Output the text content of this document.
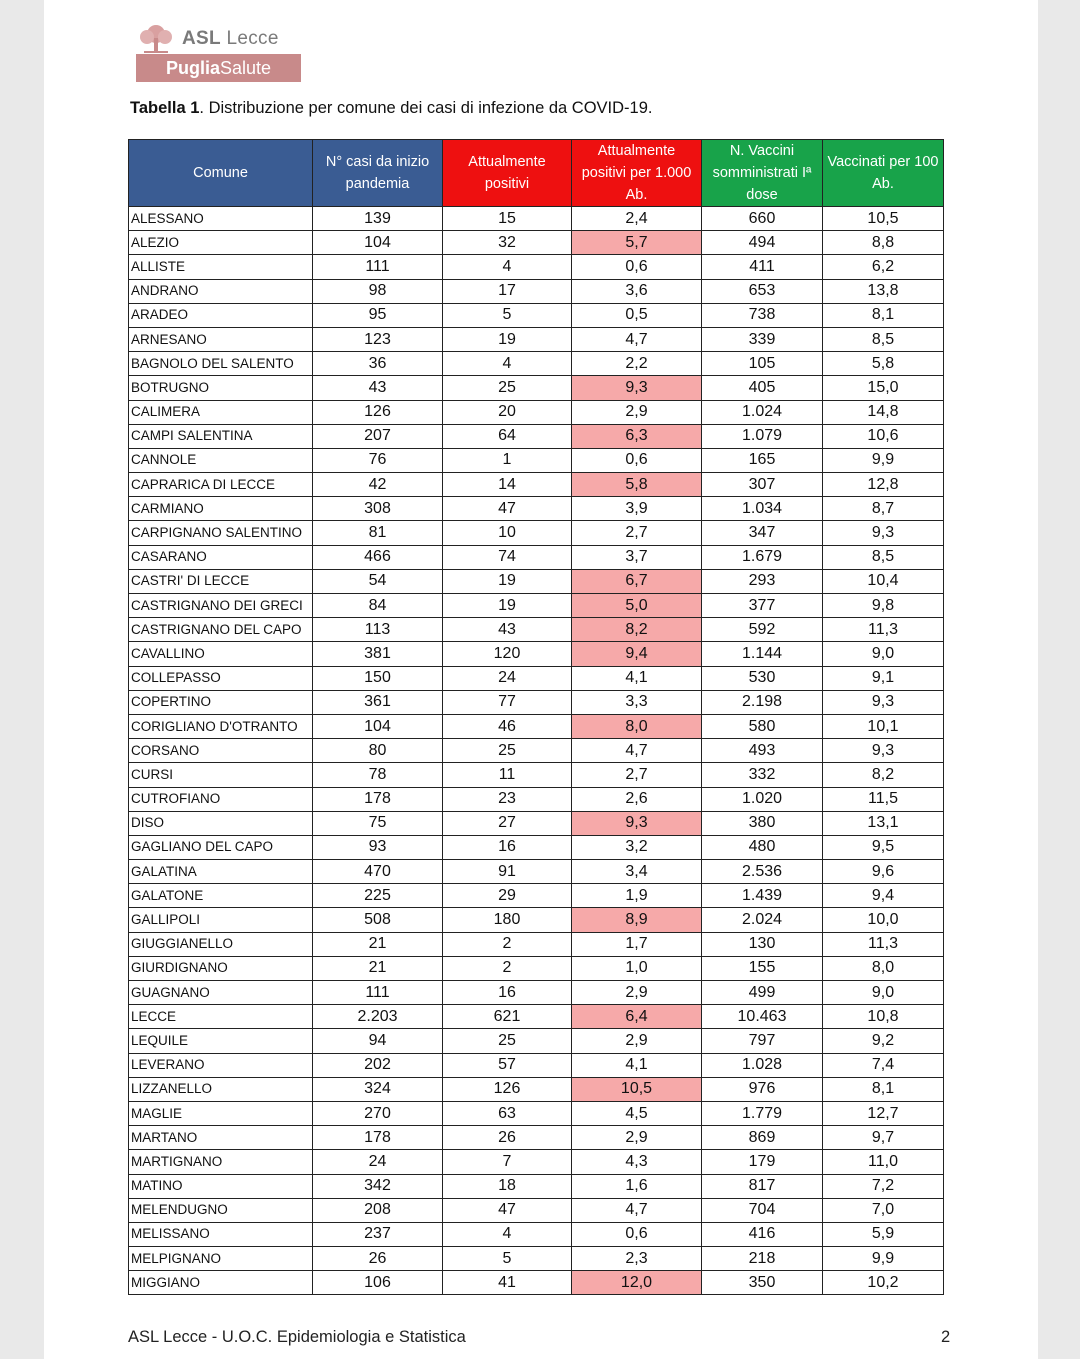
ASL Lecce
PugliaSalute
Tabella 1. Distribuzione per comune dei casi di infezione da COVID-19.
Comune	N° casi da inizio pandemia	Attualmente positivi	Attualmente positivi per 1.000 Ab.	N. Vaccini somministrati Iª dose	Vaccinati per 100 Ab.
ALESSANO	139	15	2,4	660	10,5
ALEZIO	104	32	5,7	494	8,8
ALLISTE	111	4	0,6	411	6,2
ANDRANO	98	17	3,6	653	13,8
ARADEO	95	5	0,5	738	8,1
ARNESANO	123	19	4,7	339	8,5
BAGNOLO DEL SALENTO	36	4	2,2	105	5,8
BOTRUGNO	43	25	9,3	405	15,0
CALIMERA	126	20	2,9	1.024	14,8
CAMPI SALENTINA	207	64	6,3	1.079	10,6
CANNOLE	76	1	0,6	165	9,9
CAPRARICA DI LECCE	42	14	5,8	307	12,8
CARMIANO	308	47	3,9	1.034	8,7
CARPIGNANO SALENTINO	81	10	2,7	347	9,3
CASARANO	466	74	3,7	1.679	8,5
CASTRI' DI LECCE	54	19	6,7	293	10,4
CASTRIGNANO DEI GRECI	84	19	5,0	377	9,8
CASTRIGNANO DEL CAPO	113	43	8,2	592	11,3
CAVALLINO	381	120	9,4	1.144	9,0
COLLEPASSO	150	24	4,1	530	9,1
COPERTINO	361	77	3,3	2.198	9,3
CORIGLIANO D'OTRANTO	104	46	8,0	580	10,1
CORSANO	80	25	4,7	493	9,3
CURSI	78	11	2,7	332	8,2
CUTROFIANO	178	23	2,6	1.020	11,5
DISO	75	27	9,3	380	13,1
GAGLIANO DEL CAPO	93	16	3,2	480	9,5
GALATINA	470	91	3,4	2.536	9,6
GALATONE	225	29	1,9	1.439	9,4
GALLIPOLI	508	180	8,9	2.024	10,0
GIUGGIANELLO	21	2	1,7	130	11,3
GIURDIGNANO	21	2	1,0	155	8,0
GUAGNANO	111	16	2,9	499	9,0
LECCE	2.203	621	6,4	10.463	10,8
LEQUILE	94	25	2,9	797	9,2
LEVERANO	202	57	4,1	1.028	7,4
LIZZANELLO	324	126	10,5	976	8,1
MAGLIE	270	63	4,5	1.779	12,7
MARTANO	178	26	2,9	869	9,7
MARTIGNANO	24	7	4,3	179	11,0
MATINO	342	18	1,6	817	7,2
MELENDUGNO	208	47	4,7	704	7,0
MELISSANO	237	4	0,6	416	5,9
MELPIGNANO	26	5	2,3	218	9,9
MIGGIANO	106	41	12,0	350	10,2
ASL Lecce - U.O.C. Epidemiologia e Statistica	2
